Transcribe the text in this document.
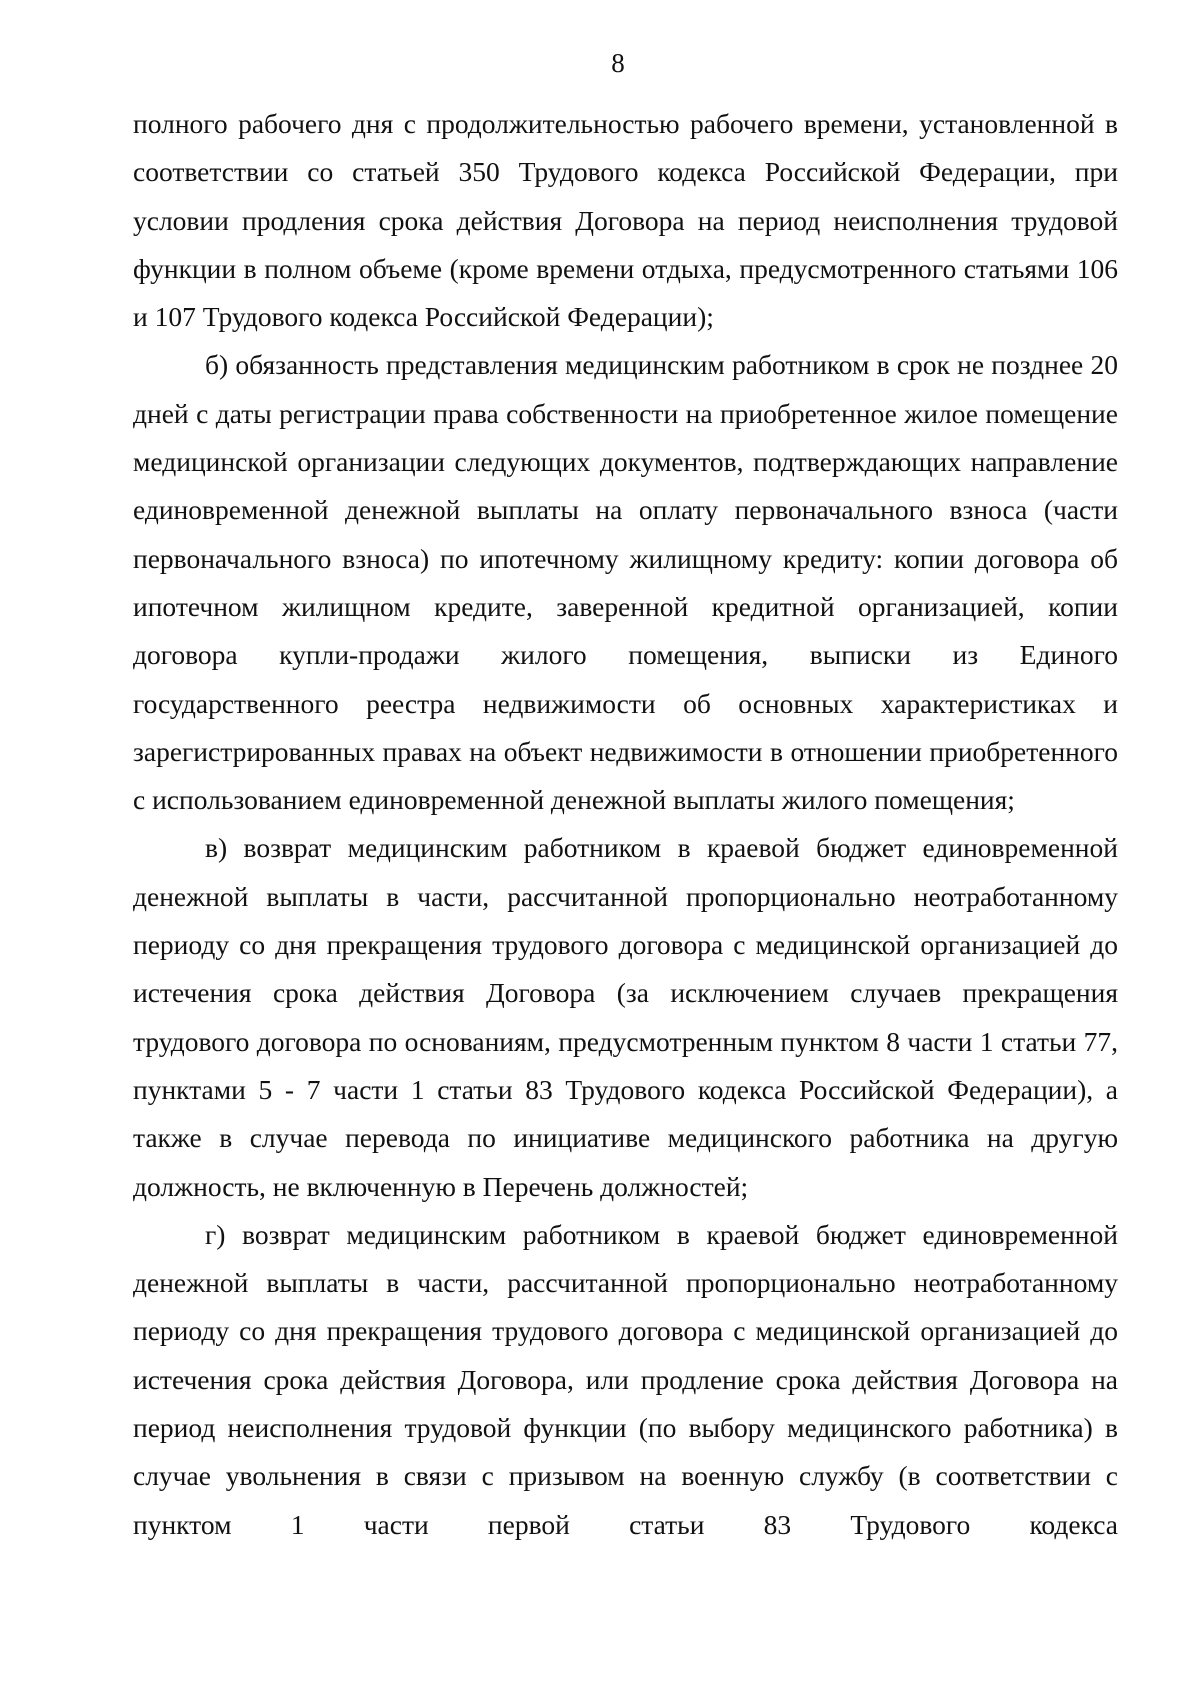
8

полного рабочего дня с продолжительностью рабочего времени, установленной в соответствии со статьей 350 Трудового кодекса Российской Федерации, при условии продления срока действия Договора на период неисполнения трудовой функции в полном объеме (кроме времени отдыха, предусмотренного статьями 106 и 107 Трудового кодекса Российской Федерации);

б) обязанность представления медицинским работником в срок не позднее 20 дней с даты регистрации права собственности на приобретенное жилое помещение медицинской организации следующих документов, подтверждающих направление единовременной денежной выплаты на оплату первоначального взноса (части первоначального взноса) по ипотечному жилищному кредиту: копии договора об ипотечном жилищном кредите, заверенной кредитной организацией, копии договора купли-продажи жилого помещения, выписки из Единого государственного реестра недвижимости об основных характеристиках и зарегистрированных правах на объект недвижимости в отношении приобретенного с использованием единовременной денежной выплаты жилого помещения;

в) возврат медицинским работником в краевой бюджет единовременной денежной выплаты в части, рассчитанной пропорционально неотработанному периоду со дня прекращения трудового договора с медицинской организацией до истечения срока действия Договора (за исключением случаев прекращения трудового договора по основаниям, предусмотренным пунктом 8 части 1 статьи 77, пунктами 5 - 7 части 1 статьи 83 Трудового кодекса Российской Федерации), а также в случае перевода по инициативе медицинского работника на другую должность, не включенную в Перечень должностей;

г) возврат медицинским работником в краевой бюджет единовременной денежной выплаты в части, рассчитанной пропорционально неотработанному периоду со дня прекращения трудового договора с медицинской организацией до истечения срока действия Договора, или продление срока действия Договора на период неисполнения трудовой функции (по выбору медицинского работника) в случае увольнения в связи с призывом на военную службу (в соответствии с пунктом 1 части первой статьи 83 Трудового кодекса
